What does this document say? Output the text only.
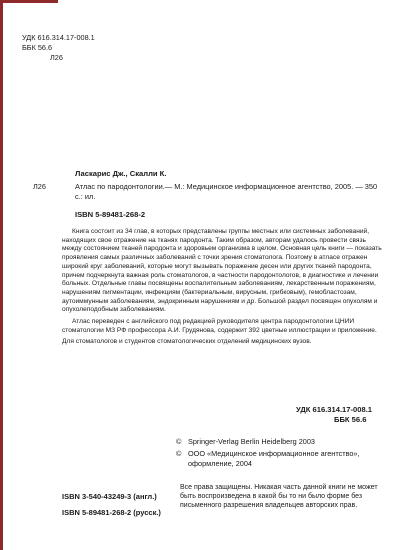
УДК 616.314.17-008.1
ББК 56.6
Л26
Л26
Ласкарис Дж., Скалли К.
Атлас по пародонтологии.— М.: Медицинское информационное агентство, 2005. — 350 с.: ил.
ISBN 5-89481-268-2

Книга состоит из 34 глав, в которых представлены группы местных или системных заболеваний, находящих свое отражение на тканях пародонта. Таким образом, авторам удалось провести связь между состоянием тканей пародонта и здоровьем организма в целом. Основная цель книги — показать проявления самых различных заболеваний с точки зрения стоматолога. Поэтому в атласе отражен широкий круг заболеваний, которые могут вызывать поражение десен или других тканей пародонта, причем подчеркнута важная роль стоматологов, в частности пародонтологов, в диагностике и лечении больных. Отдельные главы посвящены воспалительным заболеваниям, лекарственным поражениям, нарушениям пигментации, инфекциям (бактериальным, вирусным, грибковым), гемобластозам, аутоиммунным заболеваниям, эндокринным нарушениям и др. Большой раздел посвящен опухолям и опухолеподобным заболеваниям.

Атлас переведен с английского под редакцией руководителя центра пародонтологии ЦНИИ стоматологии МЗ РФ профессора А.И. Грудянова, содержит 392 цветные иллюстрации и приложение.

Для стоматологов и студентов стоматологических отделений медицинских вузов.

УДК 616.314.17-008.1
ББК 56.6
© Springer-Verlag Berlin Heidelberg 2003
© ООО «Медицинское информационное агентство», оформление, 2004
Все права защищены. Никакая часть данной книги не может быть воспроизведена в какой бы то ни было форме без письменного разрешения владельцев авторских прав.
ISBN 3-540-43249-3 (англ.)
ISBN 5-89481-268-2 (русск.)
